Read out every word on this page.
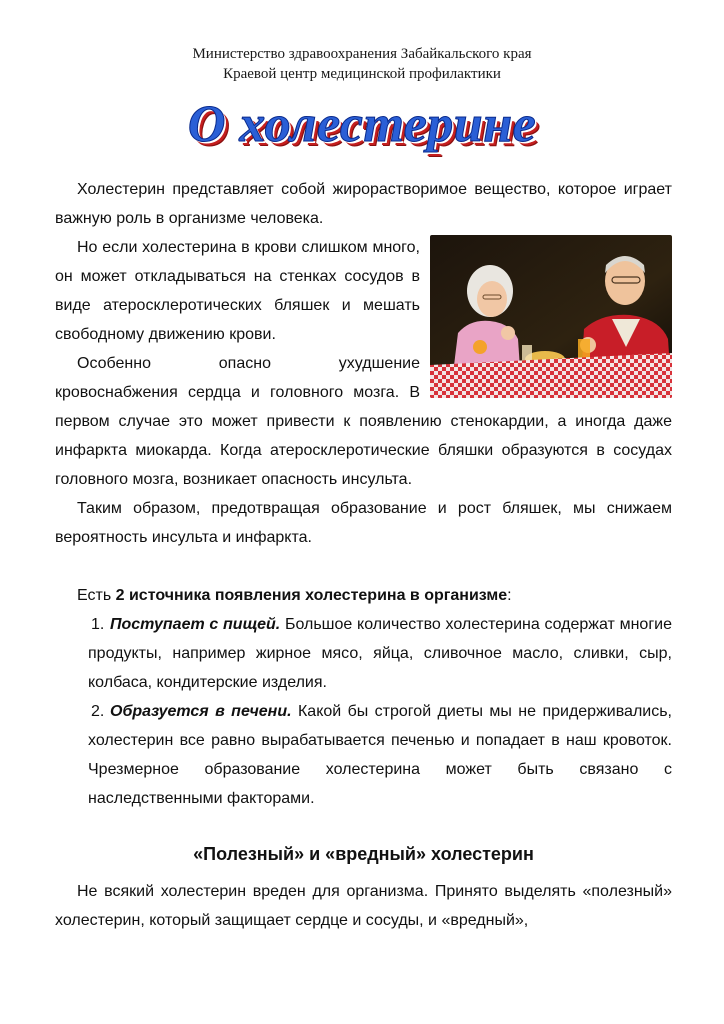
Министерство здравоохранения Забайкальского края
Краевой центр медицинской профилактики
О холестерине

Холестерин представляет собой жирорастворимое вещество, которое играет важную роль в организме человека.

Но если холестерина в крови слишком много, он может откладываться на стенках сосудов в виде атеросклеротических бляшек и мешать свободному движению крови.

Особенно опасно ухудшение кровоснабжения сердца и головного мозга. В первом случае это может привести к появлению стенокардии, а иногда даже инфаркта миокарда. Когда атеросклеротические бляшки образуются в сосудах головного мозга, возникает опасность инсульта.

Таким образом, предотвращая образование и рост бляшек, мы снижаем вероятность инсульта и инфаркта.

Есть 2 источника появления холестерина в организме:

1. Поступает с пищей. Большое количество холестерина содержат многие продукты, например жирное мясо, яйца, сливочное масло, сливки, сыр, колбаса, кондитерские изделия.
2. Образуется в печени. Какой бы строгой диеты мы не придерживались, холестерин все равно вырабатывается печенью и попадает в наш кровоток. Чрезмерное образование холестерина может быть связано с наследственными факторами.
«Полезный» и «вредный» холестерин

Не всякий холестерин вреден для организма. Принято выделять «полезный» холестерин, который защищает сердце и сосуды, и «вредный»,
